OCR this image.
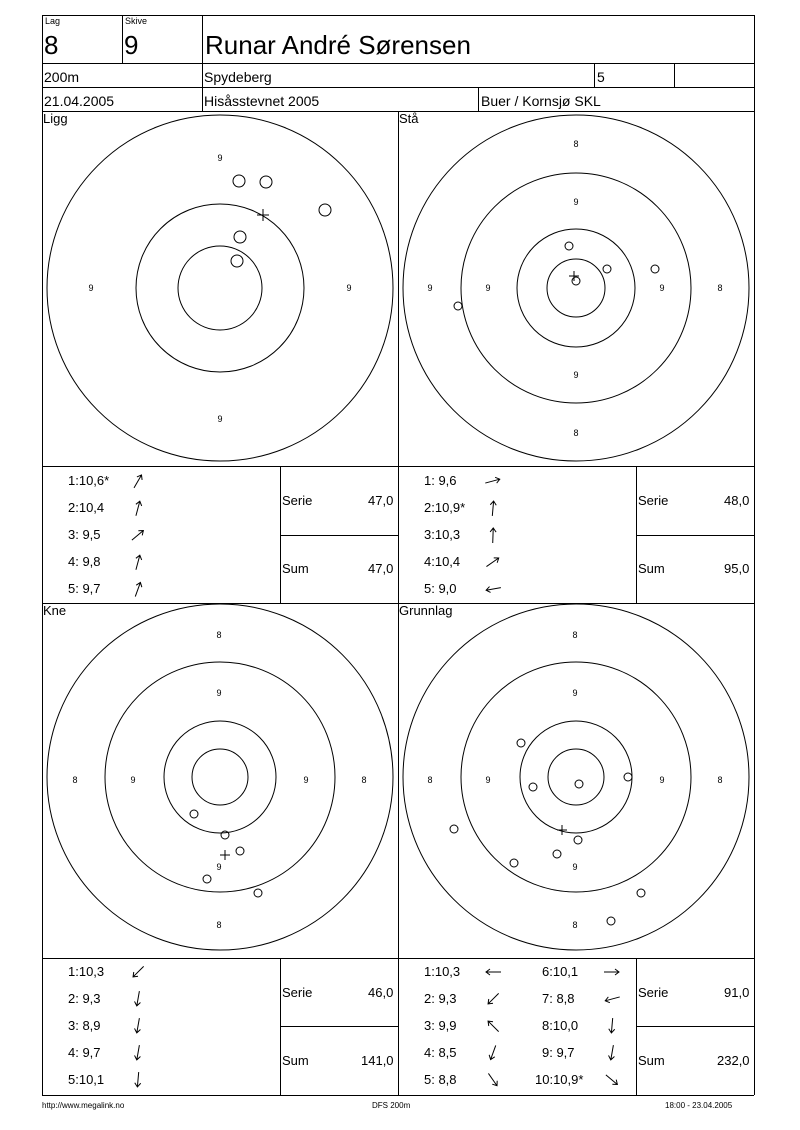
Lag
8
Skive
9	Runar André Sørensen
200m	Spydeberg	5
21.04.2005	Hisåsstevnet 2005	Buer / Kornsjø SKL
Ligg	Stå
Kne	Grunnlag
9
9	9
9
8
9
9	9	9	8
9
8
8
9
8	9	9	8
9
8
8
9
8	9	9	8
9
8
1:10,6*
2:10,4
3: 9,5
4: 9,8
5: 9,7
1: 9,6
2:10,9*
3:10,3
4:10,4
5: 9,0
1:10,3
2: 9,3
3: 8,9
4: 9,7
5:10,1
1:10,3
2: 9,3
3: 9,9
4: 8,5
5: 8,8
6:10,1
7: 8,8
8:10,0
9: 9,7
10:10,9*
Serie	47,0
Sum	47,0
Serie	48,0
Sum	95,0
Serie	46,0
Sum	141,0
Serie	91,0
Sum	232,0
http://www.megalink.no	DFS 200m	18:00 - 23.04.2005
